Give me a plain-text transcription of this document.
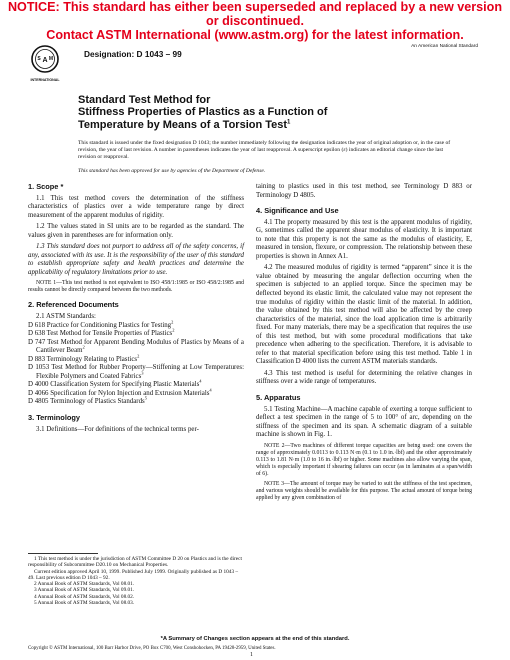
NOTICE: This standard has either been superseded and replaced by a new version or discontinued.
Contact ASTM International (www.astm.org) for the latest information.
A
S M
INTERNATIONAL
Designation: D 1043 – 99
An American National Standard
Standard Test Method for
Stiffness Properties of Plastics as a Function of
Temperature by Means of a Torsion Test$^1$
This standard is issued under the fixed designation D 1043; the number immediately following the designation indicates the year of original adoption or, in the case of revision, the year of last revision. A number in parentheses indicates the year of last reapproval. A superscript epsilon (ε) indicates an editorial change since the last revision or reapproval.
This standard has been approved for use by agencies of the Department of Defense.
1. Scope *

1.1 This test method covers the determination of the stiffness characteristics of plastics over a wide temperature range by direct measurement of the apparent modulus of rigidity.

1.2 The values stated in SI units are to be regarded as the standard. The values given in parentheses are for information only.

1.3 This standard does not purport to address all of the safety concerns, if any, associated with its use. It is the responsibility of the user of this standard to establish appropriate safety and health practices and determine the applicability of regulatory limitations prior to use.

NOTE 1—This test method is not equivalent to ISO 458/1:1985 or ISO 458/2:1985 and results cannot be directly compared between the two methods.
2. Referenced Documents

2.1 ASTM Standards:

D 618 Practice for Conditioning Plastics for Testing$^2$
D 638 Test Method for Tensile Properties of Plastics$^2$
D 747 Test Method for Apparent Bending Modulus of Plastics by Means of a Cantilever Beam$^2$
D 883 Terminology Relating to Plastics$^2$
D 1053 Test Method for Rubber Property—Stiffening at Low Temperatures: Flexible Polymers and Coated Fabrics$^3$
D 4000 Classification System for Specifying Plastic Materials$^4$
D 4066 Specification for Nylon Injection and Extrusion Materials$^4$
D 4805 Terminology of Plastics Standards$^5$
3. Terminology

3.1 Definitions—For definitions of the technical terms per-

taining to plastics used in this test method, see Terminology D 883 or Terminology D 4805.

4. Significance and Use

4.1 The property measured by this test is the apparent modulus of rigidity, G, sometimes called the apparent shear modulus of elasticity. It is important to note that this property is not the same as the modulus of elasticity, E, measured in tension, flexure, or compression. The relationship between these properties is shown in Annex A1.

4.2 The measured modulus of rigidity is termed “apparent” since it is the value obtained by measuring the angular deflection occurring when the specimen is subjected to an applied torque. Since the specimen may be deflected beyond its elastic limit, the calculated value may not represent the true modulus of rigidity within the elastic limit of the material. In addition, the value obtained by this test method will also be affected by the creep characteristics of the material, since the load application time is arbitrarily fixed. For many materials, there may be a specification that requires the use of this test method, but with some procedural modifications that take precedence when adhering to the specification. Therefore, it is advisable to refer to that material specification before using this test method. Table 1 in Classification D 4000 lists the current ASTM materials standards.

4.3 This test method is useful for determining the relative changes in stiffness over a wide range of temperatures.

5. Apparatus

5.1 Testing Machine—A machine capable of exerting a torque sufficient to deflect a test specimen in the range of 5 to 100° of arc, depending on the stiffness of the specimen and its span. A schematic diagram of a suitable machine is shown in Fig. 1.

NOTE 2—Two machines of different torque capacities are being used: one covers the range of approximately 0.0113 to 0.113 N·m (0.1 to 1.0 in.·lbf) and the other approximately 0.113 to 1.81 N·m (1.0 to 16 in.·lbf) or higher. Some machines also allow varying the span, which is especially important if shearing failures can occur (as in laminates at a span/width of 6).
NOTE 3—The amount of torque may be varied to suit the stiffness of the test specimen, and various weights should be available for this purpose. The actual amount of torque being applied by any given combination of
1 This test method is under the jurisdiction of ASTM Committee D 20 on Plastics and is the direct responsibility of Subcommittee D20.10 on Mechanical Properties.
Current edition approved April 10, 1999. Published July 1999. Originally published as D 1043 – 49. Last previous edition D 1043 – 92.
2 Annual Book of ASTM Standards, Vol 08.01.
3 Annual Book of ASTM Standards, Vol 09.01.
4 Annual Book of ASTM Standards, Vol 08.02.
5 Annual Book of ASTM Standards, Vol 08.03.
*A Summary of Changes section appears at the end of this standard.
Copyright © ASTM International, 100 Barr Harbor Drive, PO Box C700, West Conshohocken, PA 19428-2959, United States.
1
